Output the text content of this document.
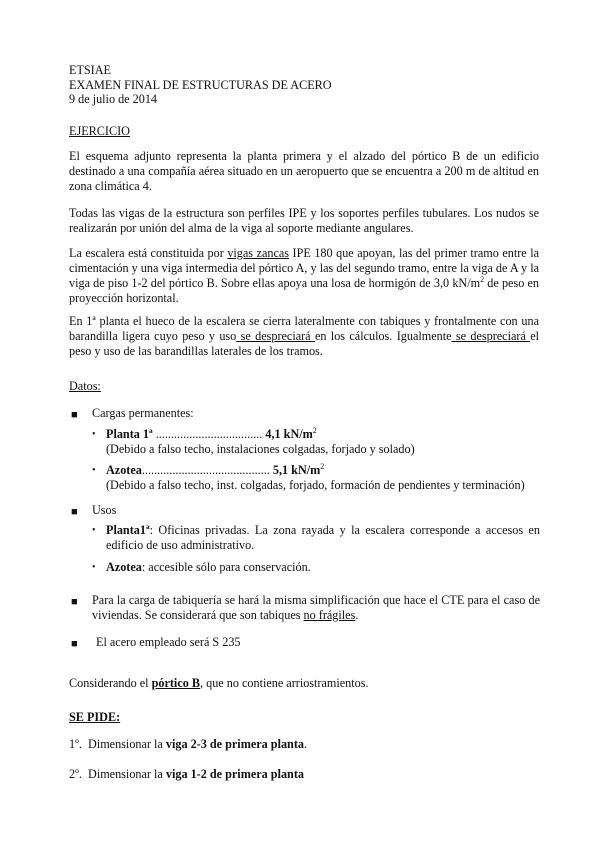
ETSIAE
EXAMEN FINAL DE ESTRUCTURAS DE ACERO
9 de julio de 2014
EJERCICIO
El esquema adjunto representa la planta primera y el alzado del pórtico B de un edificio destinado a una compañía aérea situado en un aeropuerto que se encuentra a 200 m de altitud en zona climática 4.
Todas las vigas de la estructura son perfiles IPE y los soportes perfiles tubulares. Los nudos se realizarán por unión del alma de la viga al soporte mediante angulares.
La escalera está constituida por vigas zancas IPE 180 que apoyan, las del primer tramo entre la cimentación y una viga intermedia del pórtico A, y las del segundo tramo, entre la viga de A y la viga de piso 1-2 del pórtico B. Sobre ellas apoya una losa de hormigón de 3,0 $kN/m^2$ de peso en proyección horizontal.
En 1ª planta el hueco de la escalera se cierra lateralmente con tabiques y frontalmente con una barandilla ligera cuyo peso y uso se despreciará en los cálculos. Igualmente se despreciará el peso y uso de las barandillas laterales de los tramos.
Datos:
■ Cargas permanentes:
• Planta 1ª ................................... 4,1 $kN/m^2$
(Debido a falso techo, instalaciones colgadas, forjado y solado)
• Azotea.......................................... 5,1 $kN/m^2$
(Debido a falso techo, inst. colgadas, forjado, formación de pendientes y terminación)
■ Usos
• Planta1ª: Oficinas privadas. La zona rayada y la escalera corresponde a accesos en edificio de uso administrativo.
• Azotea: accesible sólo para conservación.
■ Para la carga de tabiquería se hará la misma simplificación que hace el CTE para el caso de viviendas. Se considerará que son tabiques no frágiles.
■ El acero empleado será S 235
Considerando el pórtico B, que no contiene arriostramientos.
SE PIDE:
1º. Dimensionar la viga 2-3 de primera planta.
2º. Dimensionar la viga 1-2 de primera planta
